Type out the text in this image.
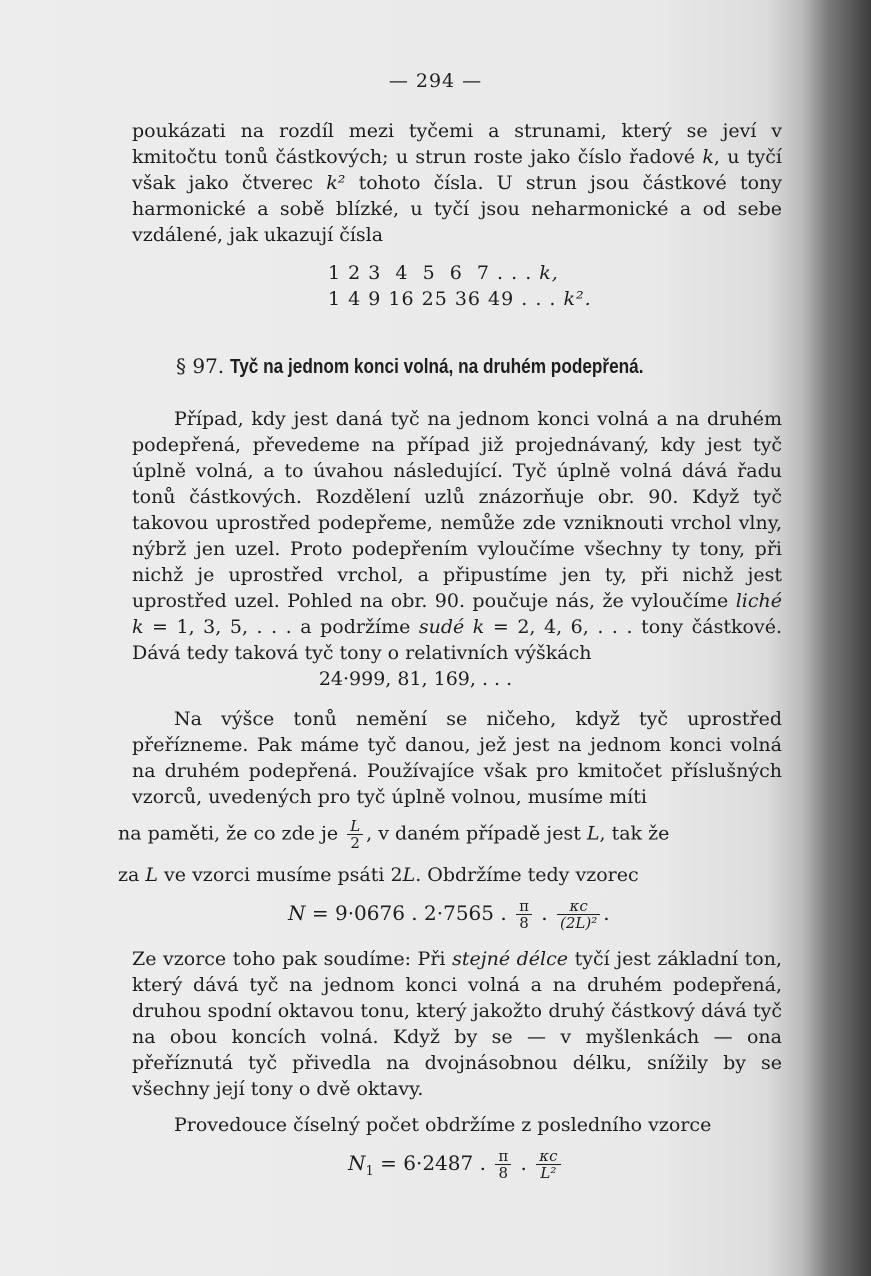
— 294 —
poukázati na rozdíl mezi tyčemi a strunami, který se jeví v kmitočtu tonů částkových; u strun roste jako číslo řadové k, u tyčí však jako čtverec k² tohoto čísla. U strun jsou částkové tony harmonické a sobě blízké, u tyčí jsou neharmonické a od sebe vzdálené, jak ukazují čísla
1 2 3  4  5  6  7 . . . k,
1 4 9 16 25 36 49 . . . k².
§ 97. Tyč na jednom konci volná, na druhém podepřená.
Případ, kdy jest daná tyč na jednom konci volná a na druhém podepřená, převedeme na případ již projednávaný, kdy jest tyč úplně volná, a to úvahou následující. Tyč úplně volná dává řadu tonů částkových. Rozdělení uzlů znázorňuje obr. 90. Když tyč takovou uprostřed podepřeme, nemůže zde vzniknouti vrchol vlny, nýbrž jen uzel. Proto podepřením vyloučíme všechny ty tony, při nichž je uprostřed vrchol, a připustíme jen ty, při nichž jest uprostřed uzel. Pohled na obr. 90. poučuje nás, že vyloučíme liché k = 1, 3, 5, . . . a podržíme sudé k = 2, 4, 6, . . . tony částkové. Dává tedy taková tyč tony o relativních výškách
24·999, 81, 169, . . .
Na výšce tonů nemění se ničeho, když tyč uprostřed přeřízneme. Pak máme tyč danou, jež jest na jednom konci volná na druhém podepřená. Používajíce však pro kmitočet příslušných vzorců, uvedených pro tyč úplně volnou, musíme míti
na paměti, že co zde je $\frac{L}{2}$ , v daném případě jest L, tak že
za L ve vzorci musíme psáti 2L. Obdržíme tedy vzorec
N = 9·0676 . 2·7565 . $\frac{\pi}{8}$ . $\frac{\kappa c}{\text{(2L)²}}$ .
Ze vzorce toho pak soudíme: Při stejné délce tyčí jest základní ton, který dává tyč na jednom konci volná a na druhém podepřená, druhou spodní oktavou tonu, který jakožto druhý částkový dává tyč na obou koncích volná. Když by se — v myšlenkách — ona přeříznutá tyč přivedla na dvojnásobnou délku, snížily by se všechny její tony o dvě oktavy.
Provedouce číselný počet obdržíme z posledního vzorce
$N_1 = 6\cdot 2487$ . $\frac{\pi}{8}$ . $\frac{\kappa c}{\text{L²}}$
